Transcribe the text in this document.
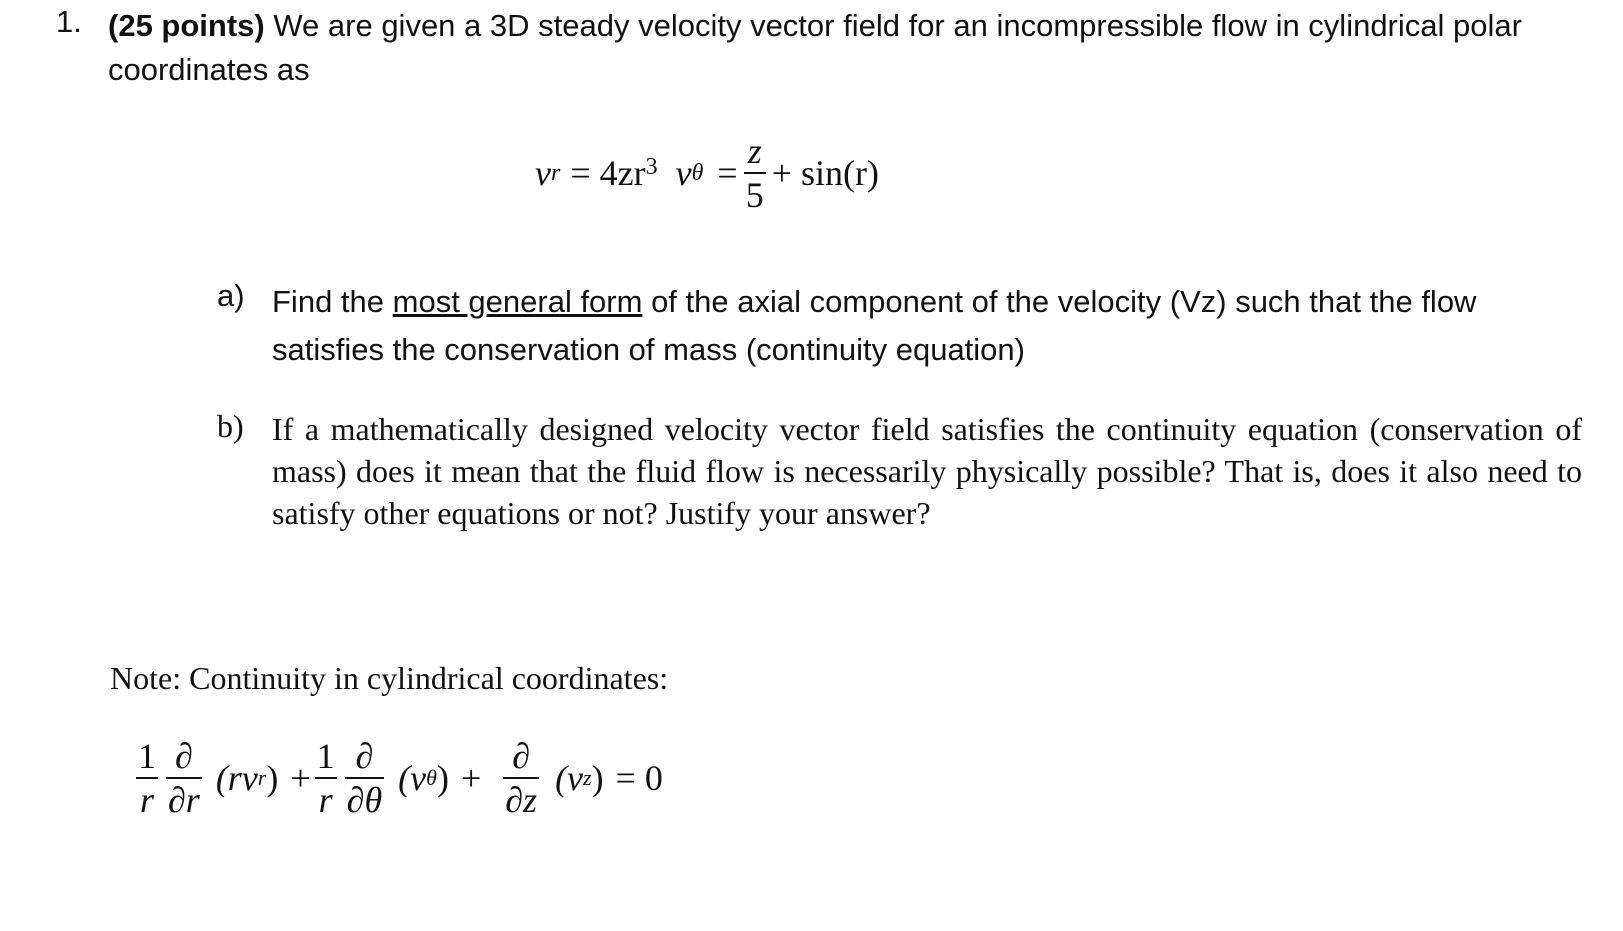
1. (25 points) We are given a 3D steady velocity vector field for an incompressible flow in cylindrical polar coordinates as
v $r = 4zr^3$ v $\theta = \frac{z}{5} + \sin(r)$
a) Find the most general form of the axial component of the velocity (Vz) such that the flow satisfies the conservation of mass (continuity equation)
b) If a mathematically designed velocity vector field satisfies the continuity equation (conservation of mass) does it mean that the fluid flow is necessarily physically possible? That is, does it also need to satisfy other equations or not? Justify your answer?
Note: Continuity in cylindrical coordinates:
$\frac{1}{r} \frac{\partial}{\partial r} (rv$ r ) + $\frac{1}{r} \frac{\partial}{\partial\theta} (v$ θ ) + $\frac{\partial}{\partial z} (v$ z ) = 0
